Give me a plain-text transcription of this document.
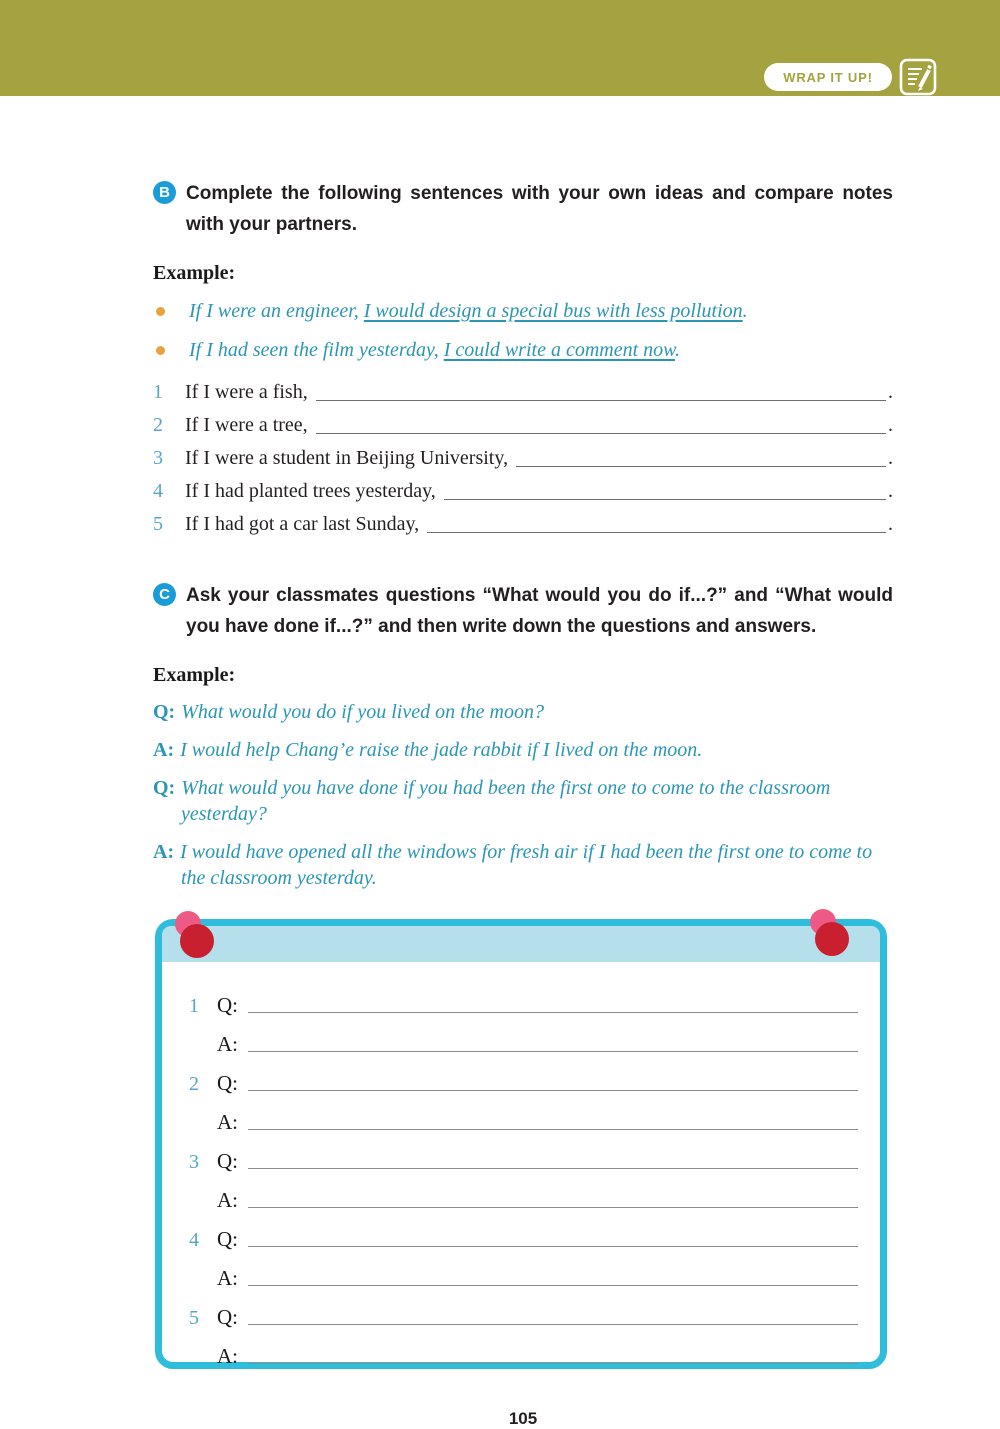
WRAP IT UP!
B Complete the following sentences with your own ideas and compare notes with your partners.
Example:
If I were an engineer, I would design a special bus with less pollution.
If I had seen the film yesterday, I could write a comment now.
1	If I were a fish,	.
2	If I were a tree,	.
3	If I were a student in Beijing University,	.
4	If I had planted trees yesterday,	.
5	If I had got a car last Sunday,	.
C Ask your classmates questions “What would you do if...?” and “What would you have done if...?” and then write down the questions and answers.
Example:
Q: What would you do if you lived on the moon?
A: I would help Chang’e raise the jade rabbit if I lived on the moon.
Q: What would you have done if you had been the first one to come to the classroom yesterday?
A: I would have opened all the windows for fresh air if I had been the first one to come to the classroom yesterday.
1 Q:
A:
2 Q:
A:
3 Q:
A:
4 Q:
A:
5 Q:
A:
105
